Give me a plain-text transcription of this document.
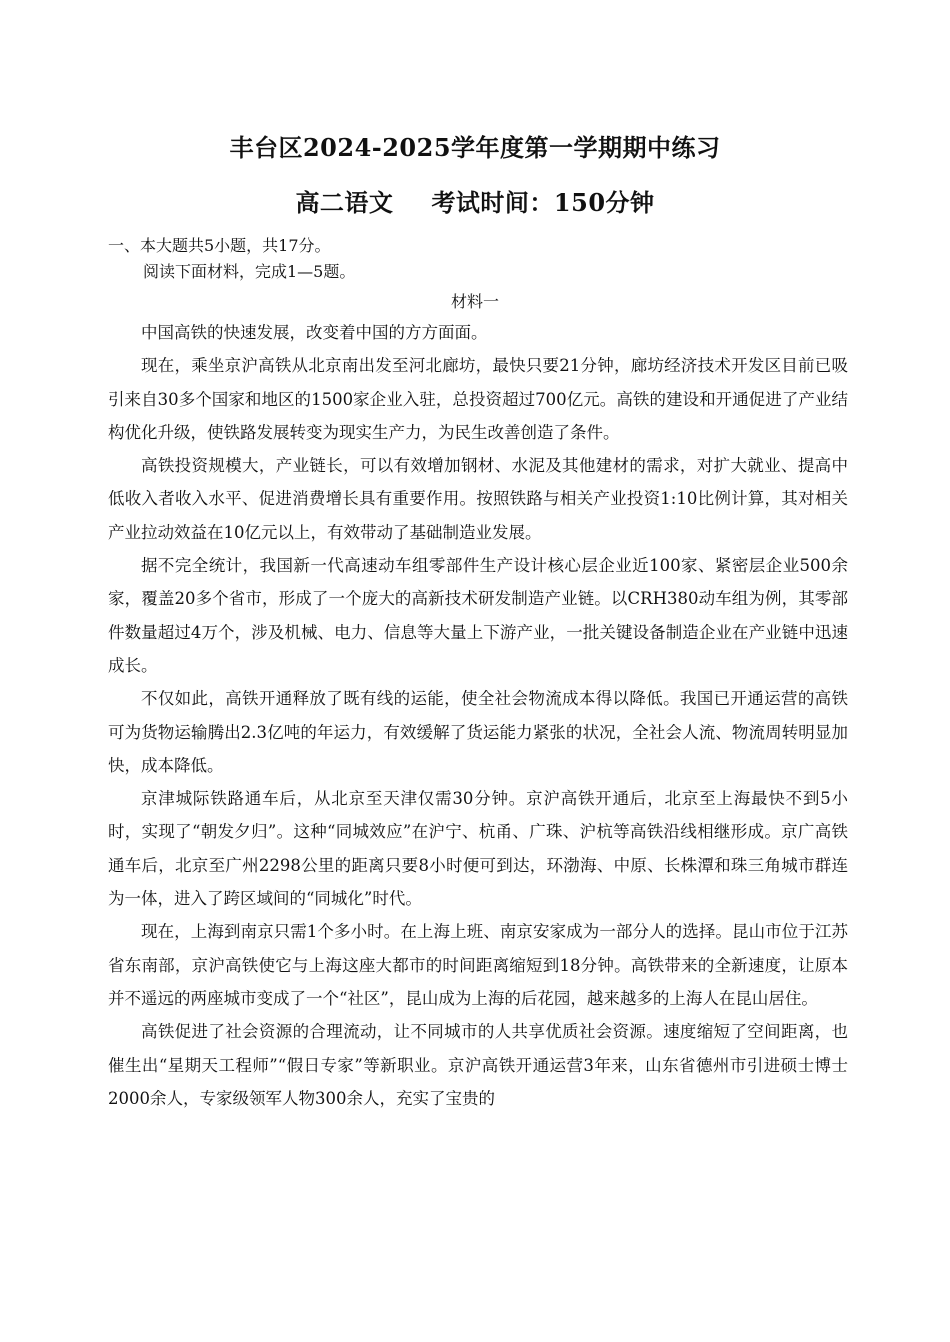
丰台区2024-2025学年度第一学期期中练习
高二语文 考试时间：150分钟
一、本大题共5小题，共17分。
阅读下面材料，完成1—5题。
材料一

中国高铁的快速发展，改变着中国的方方面面。

现在，乘坐京沪高铁从北京南出发至河北廊坊，最快只要21分钟，廊坊经济技术开发区目前已吸引来自30多个国家和地区的1500家企业入驻，总投资超过700亿元。高铁的建设和开通促进了产业结构优化升级，使铁路发展转变为现实生产力，为民生改善创造了条件。

高铁投资规模大，产业链长，可以有效增加钢材、水泥及其他建材的需求，对扩大就业、提高中低收入者收入水平、促进消费增长具有重要作用。按照铁路与相关产业投资1:10比例计算，其对相关产业拉动效益在10亿元以上，有效带动了基础制造业发展。

据不完全统计，我国新一代高速动车组零部件生产设计核心层企业近100家、紧密层企业500余家，覆盖20多个省市，形成了一个庞大的高新技术研发制造产业链。以CRH380动车组为例，其零部件数量超过4万个，涉及机械、电力、信息等大量上下游产业，一批关键设备制造企业在产业链中迅速成长。

不仅如此，高铁开通释放了既有线的运能，使全社会物流成本得以降低。我国已开通运营的高铁可为货物运输腾出2.3亿吨的年运力，有效缓解了货运能力紧张的状况，全社会人流、物流周转明显加快，成本降低。

京津城际铁路通车后，从北京至天津仅需30分钟。京沪高铁开通后，北京至上海最快不到5小时，实现了“朝发夕归”。这种“同城效应”在沪宁、杭甬、广珠、沪杭等高铁沿线相继形成。京广高铁通车后，北京至广州2298公里的距离只要8小时便可到达，环渤海、中原、长株潭和珠三角城市群连为一体，进入了跨区域间的“同城化”时代。

现在，上海到南京只需1个多小时。在上海上班、南京安家成为一部分人的选择。昆山市位于江苏省东南部，京沪高铁使它与上海这座大都市的时间距离缩短到18分钟。高铁带来的全新速度，让原本并不遥远的两座城市变成了一个“社区”，昆山成为上海的后花园，越来越多的上海人在昆山居住。

高铁促进了社会资源的合理流动，让不同城市的人共享优质社会资源。速度缩短了空间距离，也催生出“星期天工程师”“假日专家”等新职业。京沪高铁开通运营3年来，山东省德州市引进硕士博士2000余人，专家级领军人物300余人，充实了宝贵的
